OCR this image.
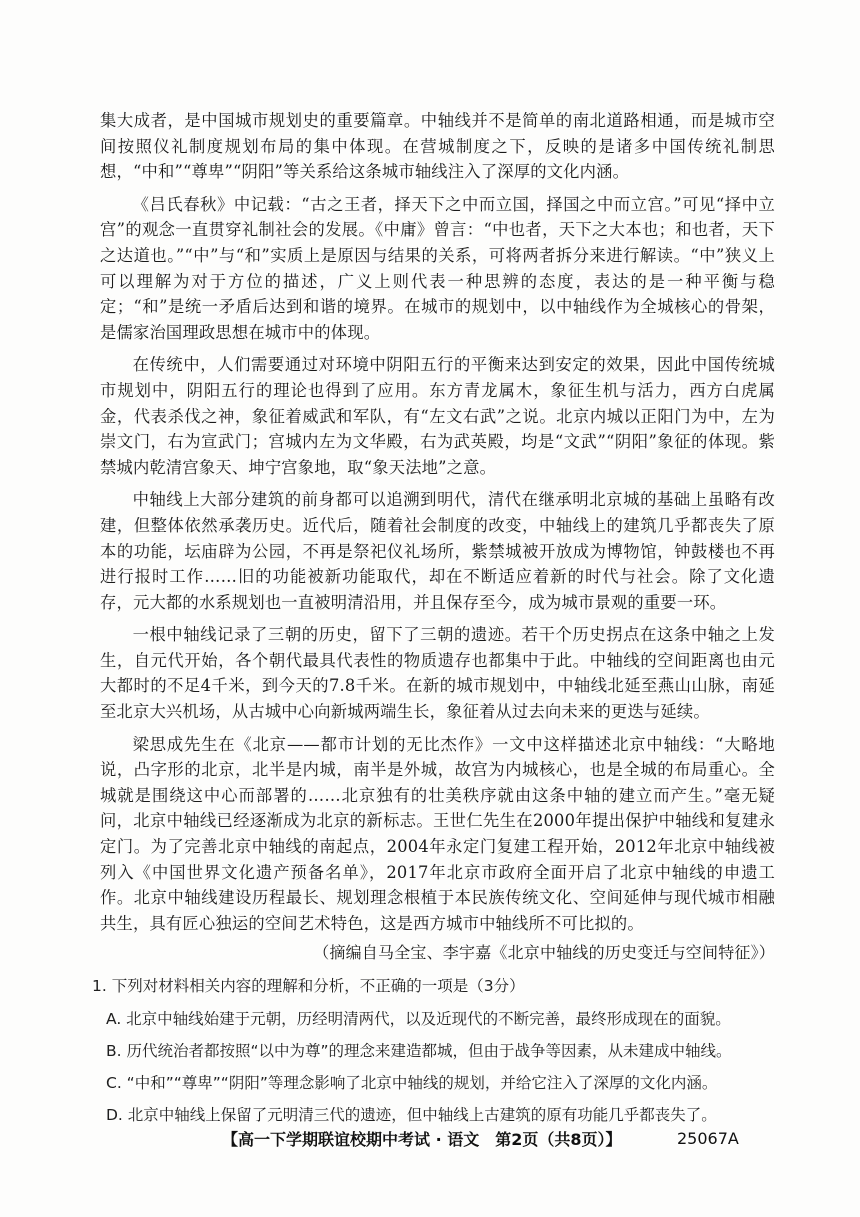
集大成者，是中国城市规划史的重要篇章。中轴线并不是简单的南北道路相通，而是城市空间按照仪礼制度规划布局的集中体现。在营城制度之下，反映的是诸多中国传统礼制思想，“中和”“尊卑”“阴阳”等关系给这条城市轴线注入了深厚的文化内涵。

《吕氏春秋》中记载：“古之王者，择天下之中而立国，择国之中而立宫。”可见“择中立宫”的观念一直贯穿礼制社会的发展。《中庸》曾言：“中也者，天下之大本也；和也者，天下之达道也。”“中”与“和”实质上是原因与结果的关系，可将两者拆分来进行解读。“中”狭义上可以理解为对于方位的描述，广义上则代表一种思辨的态度，表达的是一种平衡与稳定；“和”是统一矛盾后达到和谐的境界。在城市的规划中，以中轴线作为全城核心的骨架，是儒家治国理政思想在城市中的体现。

在传统中，人们需要通过对环境中阴阳五行的平衡来达到安定的效果，因此中国传统城市规划中，阴阳五行的理论也得到了应用。东方青龙属木，象征生机与活力，西方白虎属金，代表杀伐之神，象征着威武和军队，有“左文右武”之说。北京内城以正阳门为中，左为崇文门，右为宣武门；宫城内左为文华殿，右为武英殿，均是“文武”“阴阳”象征的体现。紫禁城内乾清宫象天、坤宁宫象地，取“象天法地”之意。

中轴线上大部分建筑的前身都可以追溯到明代，清代在继承明北京城的基础上虽略有改建，但整体依然承袭历史。近代后，随着社会制度的改变，中轴线上的建筑几乎都丧失了原本的功能，坛庙辟为公园，不再是祭祀仪礼场所，紫禁城被开放成为博物馆，钟鼓楼也不再进行报时工作……旧的功能被新功能取代，却在不断适应着新的时代与社会。除了文化遗存，元大都的水系规划也一直被明清沿用，并且保存至今，成为城市景观的重要一环。

一根中轴线记录了三朝的历史，留下了三朝的遗迹。若干个历史拐点在这条中轴之上发生，自元代开始，各个朝代最具代表性的物质遗存也都集中于此。中轴线的空间距离也由元大都时的不足4千米，到今天的7.8千米。在新的城市规划中，中轴线北延至燕山山脉，南延至北京大兴机场，从古城中心向新城两端生长，象征着从过去向未来的更迭与延续。

梁思成先生在《北京——都市计划的无比杰作》一文中这样描述北京中轴线：“大略地说，凸字形的北京，北半是内城，南半是外城，故宫为内城核心，也是全城的布局重心。全城就是围绕这中心而部署的……北京独有的壮美秩序就由这条中轴的建立而产生。”毫无疑问，北京中轴线已经逐渐成为北京的新标志。王世仁先生在2000年提出保护中轴线和复建永定门。为了完善北京中轴线的南起点，2004年永定门复建工程开始，2012年北京中轴线被列入《中国世界文化遗产预备名单》，2017年北京市政府全面开启了北京中轴线的申遗工作。北京中轴线建设历程最长、规划理念根植于本民族传统文化、空间延伸与现代城市相融共生，具有匠心独运的空间艺术特色，这是西方城市中轴线所不可比拟的。

（摘编自马全宝、李宇嘉《北京中轴线的历史变迁与空间特征》）

1. 下列对材料相关内容的理解和分析，不正确的一项是（3分）

A. 北京中轴线始建于元朝，历经明清两代，以及近现代的不断完善，最终形成现在的面貌。

B. 历代统治者都按照“以中为尊”的理念来建造都城，但由于战争等因素，从未建成中轴线。

C. “中和”“尊卑”“阴阳”等理念影响了北京中轴线的规划，并给它注入了深厚的文化内涵。

D. 北京中轴线上保留了元明清三代的遗迹，但中轴线上古建筑的原有功能几乎都丧失了。

【高一下学期联谊校期中考试 · 语文　第2页（共8页）】	25067A
